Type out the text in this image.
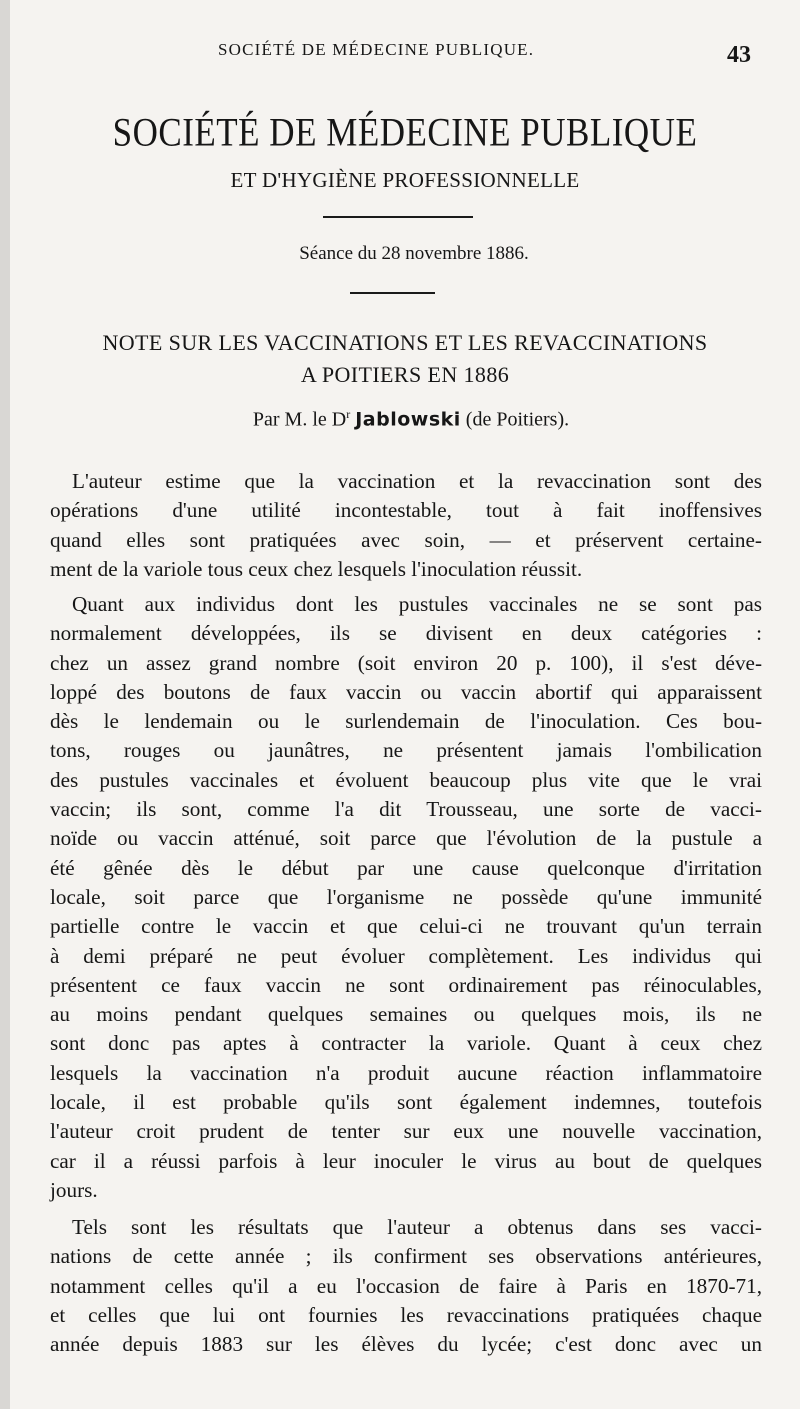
SOCIÉTÉ DE MÉDECINE PUBLIQUE.	43
SOCIÉTÉ DE MÉDECINE PUBLIQUE
ET D'HYGIÈNE PROFESSIONNELLE
Séance du 28 novembre 1886.
NOTE SUR LES VACCINATIONS ET LES REVACCINATIONS
A POITIERS EN 1886
Par M. le $D^r$ Jablowski (de Poitiers).
L'auteur estime que la vaccination et la revaccination sont des
opérations d'une utilité incontestable, tout à fait inoffensives
quand elles sont pratiquées avec soin, — et préservent certaine-
ment de la variole tous ceux chez lesquels l'inoculation réussit.
Quant aux individus dont les pustules vaccinales ne se sont pas
normalement développées, ils se divisent en deux catégories :
chez un assez grand nombre (soit environ 20 p. 100), il s'est déve-
loppé des boutons de faux vaccin ou vaccin abortif qui apparaissent
dès le lendemain ou le surlendemain de l'inoculation. Ces bou-
tons, rouges ou jaunâtres, ne présentent jamais l'ombilication
des pustules vaccinales et évoluent beaucoup plus vite que le vrai
vaccin; ils sont, comme l'a dit Trousseau, une sorte de vacci-
noïde ou vaccin atténué, soit parce que l'évolution de la pustule a
été gênée dès le début par une cause quelconque d'irritation
locale, soit parce que l'organisme ne possède qu'une immunité
partielle contre le vaccin et que celui-ci ne trouvant qu'un terrain
à demi préparé ne peut évoluer complètement. Les individus qui
présentent ce faux vaccin ne sont ordinairement pas réinoculables,
au moins pendant quelques semaines ou quelques mois, ils ne
sont donc pas aptes à contracter la variole. Quant à ceux chez
lesquels la vaccination n'a produit aucune réaction inflammatoire
locale, il est probable qu'ils sont également indemnes, toutefois
l'auteur croit prudent de tenter sur eux une nouvelle vaccination,
car il a réussi parfois à leur inoculer le virus au bout de quelques
jours.
Tels sont les résultats que l'auteur a obtenus dans ses vacci-
nations de cette année ; ils confirment ses observations antérieures,
notamment celles qu'il a eu l'occasion de faire à Paris en 1870-71,
et celles que lui ont fournies les revaccinations pratiquées chaque
année depuis 1883 sur les élèves du lycée; c'est donc avec un
